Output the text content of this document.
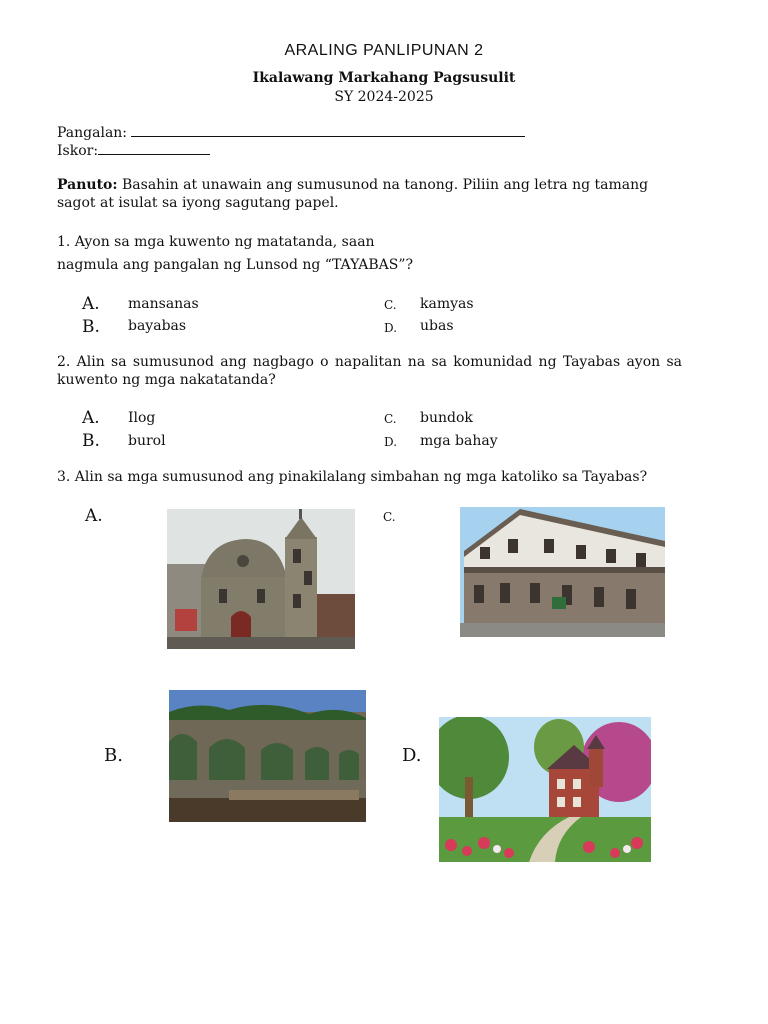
ARALING PANLIPUNAN 2
Ikalawang Markahang Pagsusulit
SY 2024-2025
Pangalan:
Iskor:
Panuto: Basahin at unawain ang sumusunod na tanong. Piliin ang letra ng tamang sagot at isulat sa iyong sagutang papel.
1. Ayon sa mga kuwento ng matatanda, saan
nagmula ang pangalan ng Lunsod ng “TAYABAS”?
A. mansanas
B. bayabas
C. kamyas
D. ubas
2. Alin sa sumusunod ang nagbago o napalitan na sa komunidad ng Tayabas ayon sa kuwento ng mga nakatatanda?
A. Ilog
B. burol
C. bundok
D. mga bahay
3. Alin sa mga sumusunod ang pinakilalang simbahan ng mga katoliko sa Tayabas?
A.	C.
B.	D.
